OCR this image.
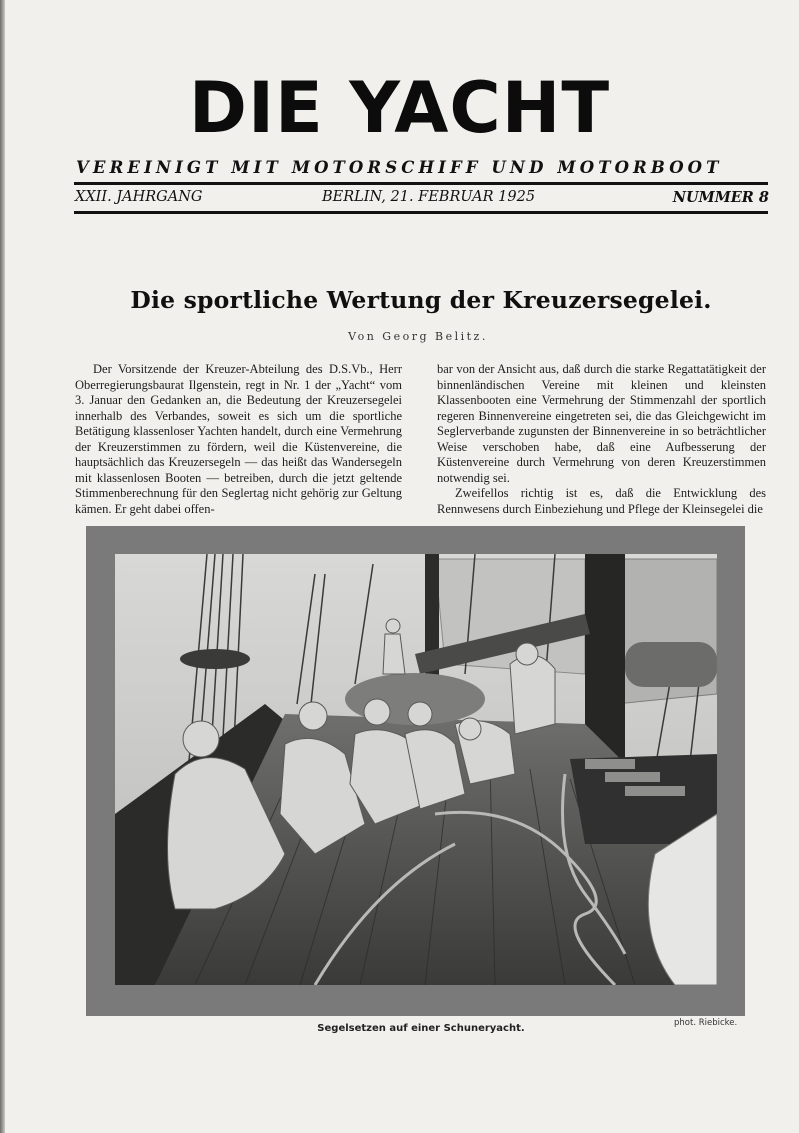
DIE YACHT
VEREINIGT MIT MOTORSCHIFF UND MOTORBOOT
XXII. JAHRGANG	BERLIN, 21. FEBRUAR 1925	NUMMER 8
Die sportliche Wertung der Kreuzersegelei.
Von Georg Belitz.

Der Vorsitzende der Kreuzer-Abteilung des D.S.Vb., Herr Oberregierungsbaurat Ilgenstein, regt in Nr. 1 der „Yacht“ vom 3. Januar den Gedanken an, die Bedeutung der Kreuzersegelei innerhalb des Verbandes, soweit es sich um die sportliche Betätigung klassenloser Yachten handelt, durch eine Vermehrung der Kreuzerstimmen zu fördern, weil die Küstenvereine, die hauptsächlich das Kreuzersegeln — das heißt das Wandersegeln mit klassenlosen Booten — betreiben, durch die jetzt geltende Stimmenberechnung für den Seglertag nicht gehörig zur Geltung kämen. Er geht dabei offen-

bar von der Ansicht aus, daß durch die starke Regattatätigkeit der binnenländischen Vereine mit kleinen und kleinsten Klassenbooten eine Vermehrung der Stimmenzahl der sportlich regeren Binnenvereine eingetreten sei, die das Gleichgewicht im Seglerverbande zugunsten der Binnenvereine in so beträchtlicher Weise verschoben habe, daß eine Aufbesserung der Küstenvereine durch Vermehrung von deren Kreuzerstimmen notwendig sei.

Zweifellos richtig ist es, daß die Entwicklung des Rennwesens durch Einbeziehung und Pflege der Kleinsegelei die

Segelsetzen auf einer Schuneryacht.	phot. Riebicke.
